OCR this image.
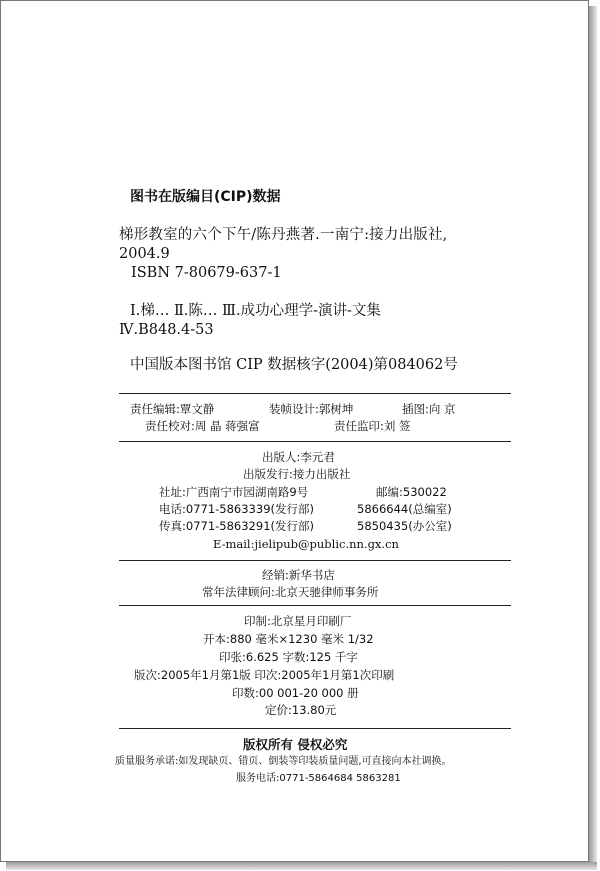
图书在版编目(CIP)数据
梯形教室的六个下午/陈丹燕著.一南宁:接力出版社,
2004.9
ISBN 7-80679-637-1
Ⅰ.梯… Ⅱ.陈… Ⅲ.成功心理学-演讲-文集
Ⅳ.B848.4-53
中国版本图书馆 CIP 数据核字(2004)第084062号
责任编辑:覃文静	装帧设计:郭树坤	插图:向 京
责任校对:周 晶 蒋强富	责任监印:刘 签
出版人:李元君
出版发行:接力出版社
社址:广西南宁市园湖南路9号	邮编:530022
电话:0771-5863339(发行部)	5866644(总编室)
传真:0771-5863291(发行部)	5850435(办公室)
E-mail:jielipub@public.nn.gx.cn
经销:新华书店
常年法律顾问:北京天驰律师事务所
印制:北京星月印刷厂
开本:880 毫米×1230 毫米 1/32
印张:6.625 字数:125 千字
版次:2005年1月第1版 印次:2005年1月第1次印刷
印数:00 001-20 000 册
定价:13.80元
版权所有 侵权必究
质量服务承诺:如发现缺页、错页、倒装等印装质量问题,可直接向本社调换。
服务电话:0771-5864684 5863281
